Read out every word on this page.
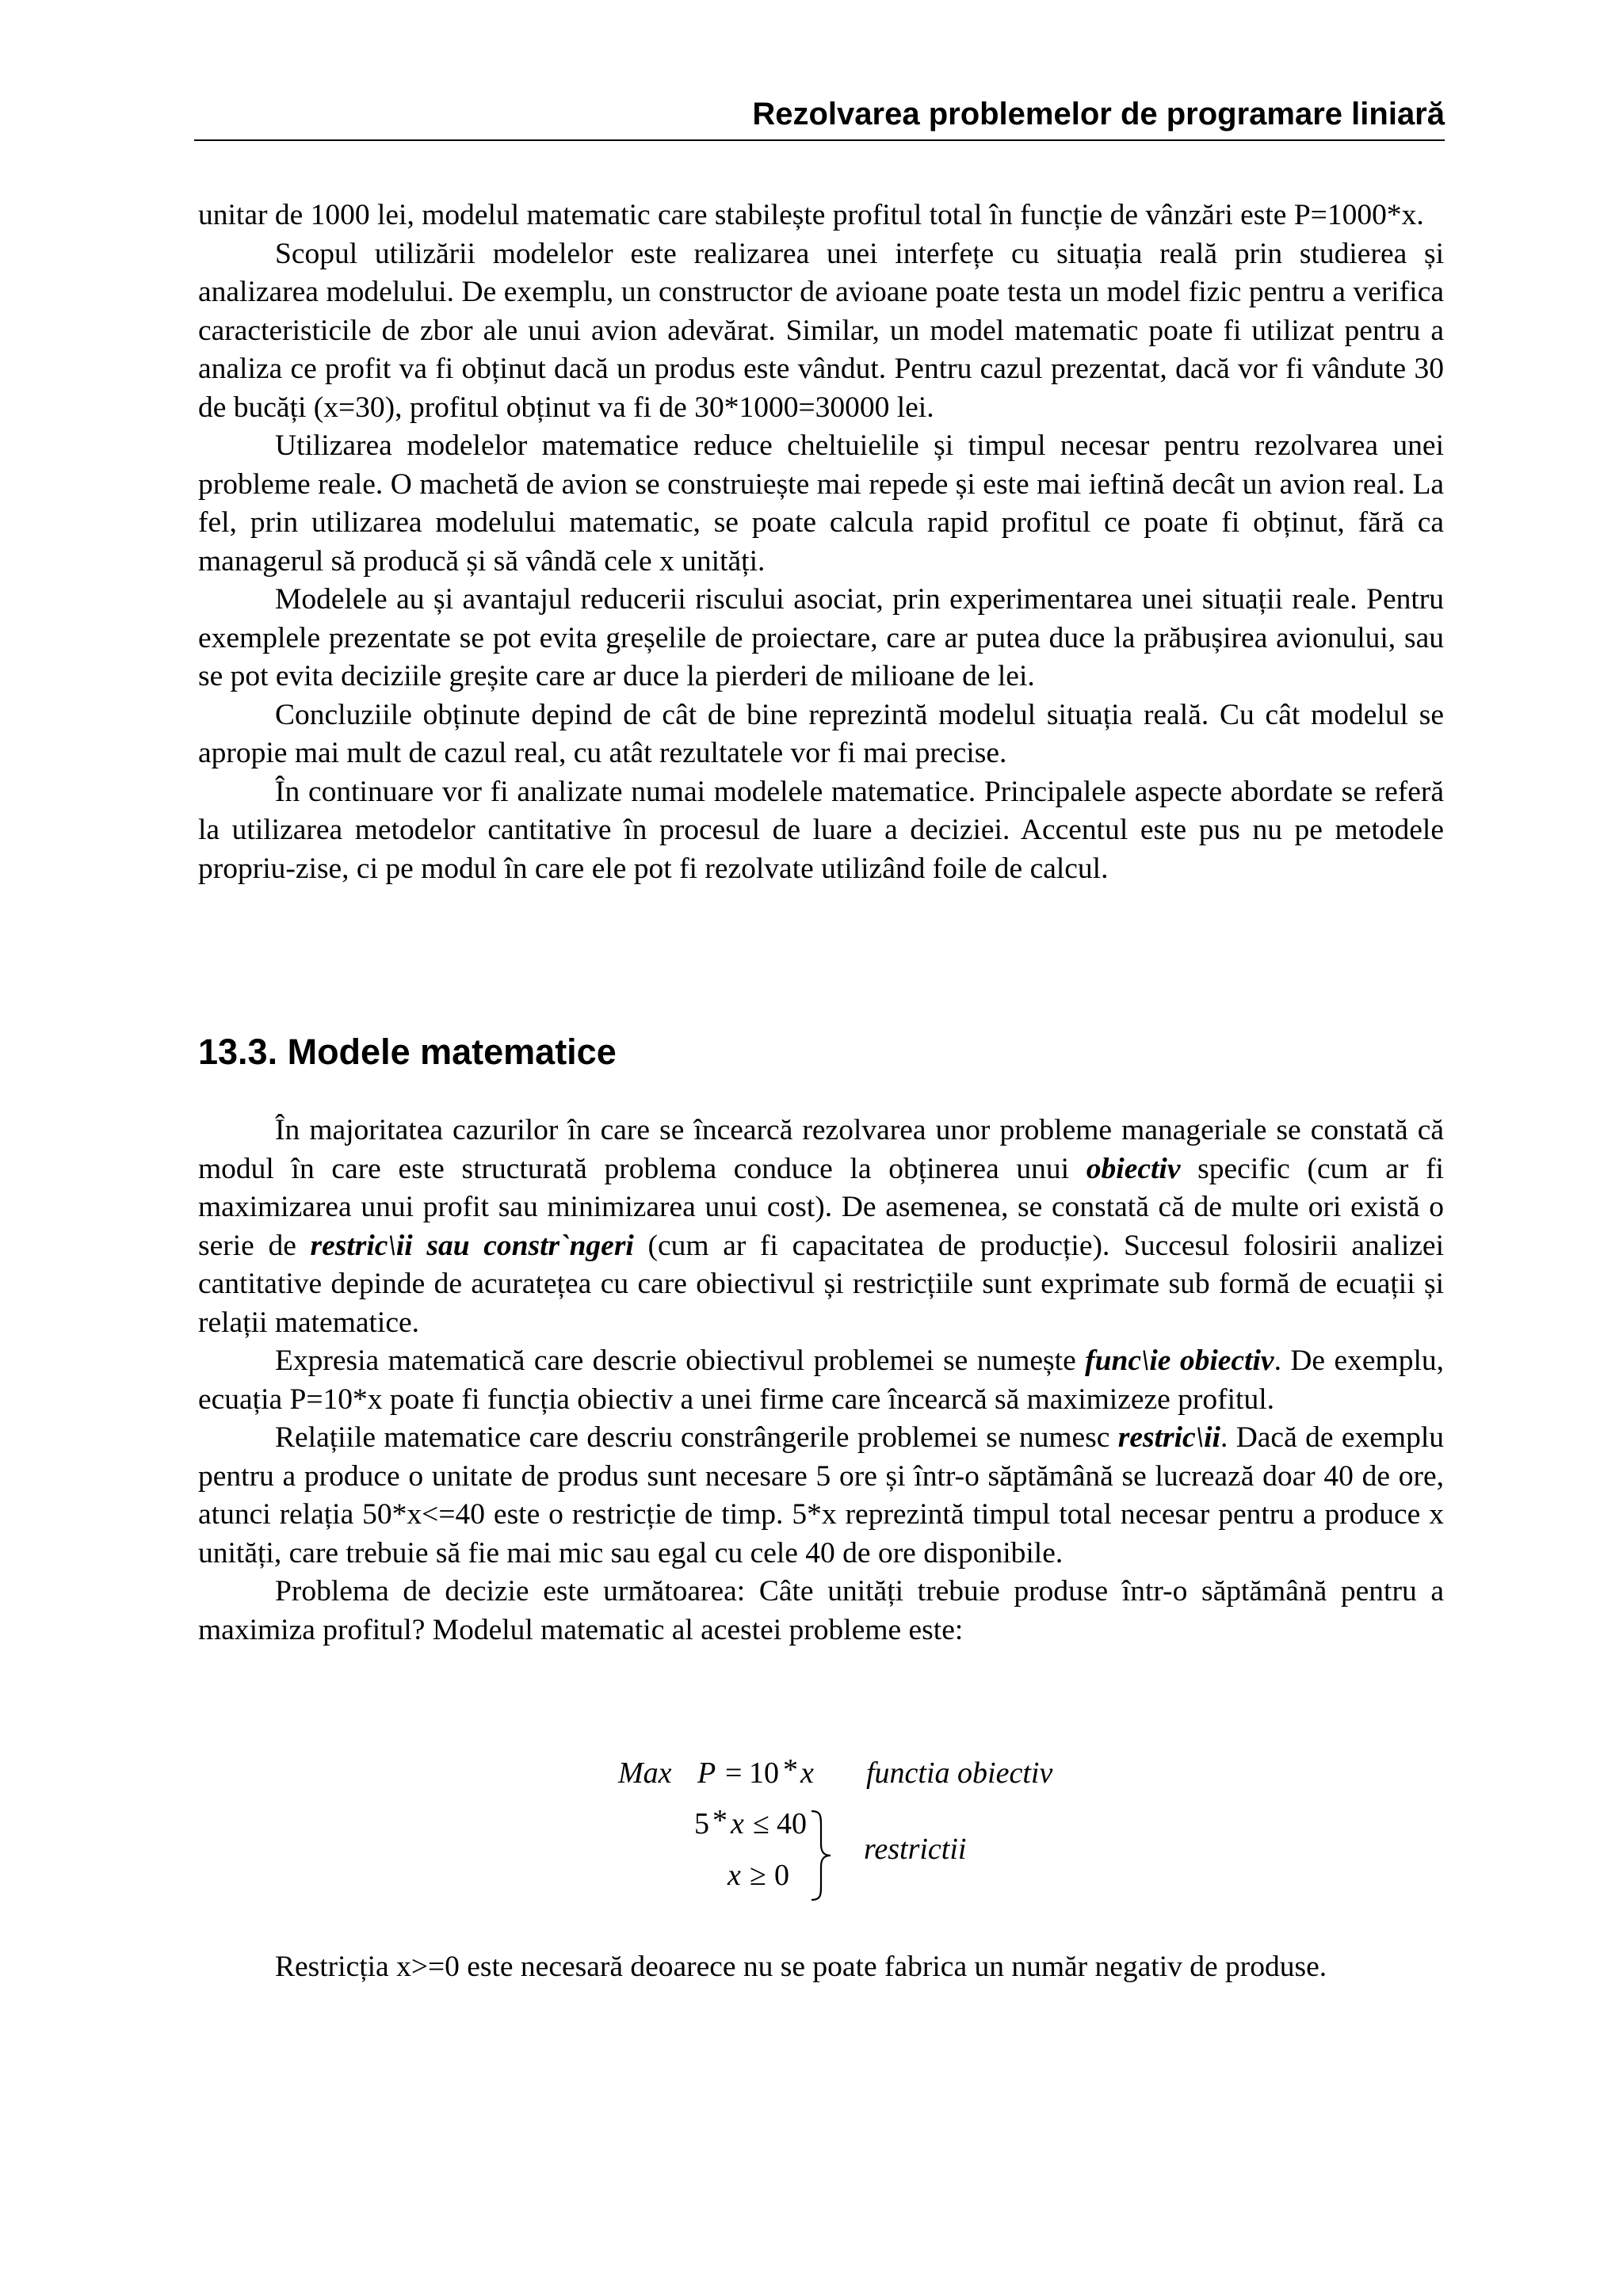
Rezolvarea problemelor de programare liniară

unitar de 1000 lei, modelul matematic care stabilește profitul total în funcție de vânzări este P=1000*x.

Scopul utilizării modelelor este realizarea unei interfețe cu situația reală prin studierea și analizarea modelului. De exemplu, un constructor de avioane poate testa un model fizic pentru a verifica caracteristicile de zbor ale unui avion adevărat. Similar, un model matematic poate fi utilizat pentru a analiza ce profit va fi obținut dacă un produs este vândut. Pentru cazul prezentat, dacă vor fi vândute 30 de bucăți (x=30), profitul obținut va fi de 30*1000=30000 lei.

Utilizarea modelelor matematice reduce cheltuielile și timpul necesar pentru rezolvarea unei probleme reale. O machetă de avion se construiește mai repede și este mai ieftină decât un avion real. La fel, prin utilizarea modelului matematic, se poate calcula rapid profitul ce poate fi obținut, fără ca managerul să producă și să vândă cele x unități.

Modelele au și avantajul reducerii riscului asociat, prin experimentarea unei situații reale. Pentru exemplele prezentate se pot evita greșelile de proiectare, care ar putea duce la prăbușirea avionului, sau se pot evita deciziile greșite care ar duce la pierderi de milioane de lei.

Concluziile obținute depind de cât de bine reprezintă modelul situația reală. Cu cât modelul se apropie mai mult de cazul real, cu atât rezultatele vor fi mai precise.

În continuare vor fi analizate numai modelele matematice. Principalele aspecte abordate se referă la utilizarea metodelor cantitative în procesul de luare a deciziei. Accentul este pus nu pe metodele propriu-zise, ci pe modul în care ele pot fi rezolvate utilizând foile de calcul.

13.3. Modele matematice

În majoritatea cazurilor în care se încearcă rezolvarea unor probleme manageriale se constată că modul în care este structurată problema conduce la obținerea unui obiectiv specific (cum ar fi maximizarea unui profit sau minimizarea unui cost). De asemenea, se constată că de multe ori există o serie de restric\ii sau constr`ngeri (cum ar fi capacitatea de producție). Succesul folosirii analizei cantitative depinde de acuratețea cu care obiectivul și restricțiile sunt exprimate sub formă de ecuații și relații matematice.

Expresia matematică care descrie obiectivul problemei se numește func\ie obiectiv. De exemplu, ecuația P=10*x poate fi funcția obiectiv a unei firme care încearcă să maximizeze profitul.

Relațiile matematice care descriu constrângerile problemei se numesc restric\ii. Dacă de exemplu pentru a produce o unitate de produs sunt necesare 5 ore și într-o săptămână se lucrează doar 40 de ore, atunci relația 50*x<=40 este o restricție de timp. 5*x reprezintă timpul total necesar pentru a produce x unități, care trebuie să fie mai mic sau egal cu cele 40 de ore disponibile.

Problema de decizie este următoarea: Câte unități trebuie produse într-o săptămână pentru a maximiza profitul? Modelul matematic al acestei probleme este:

Max P = 10 * x functia obiectiv
5 * x ≤ 40
x ≥ 0
restrictii

Restricția x>=0 este necesară deoarece nu se poate fabrica un număr negativ de produse.
